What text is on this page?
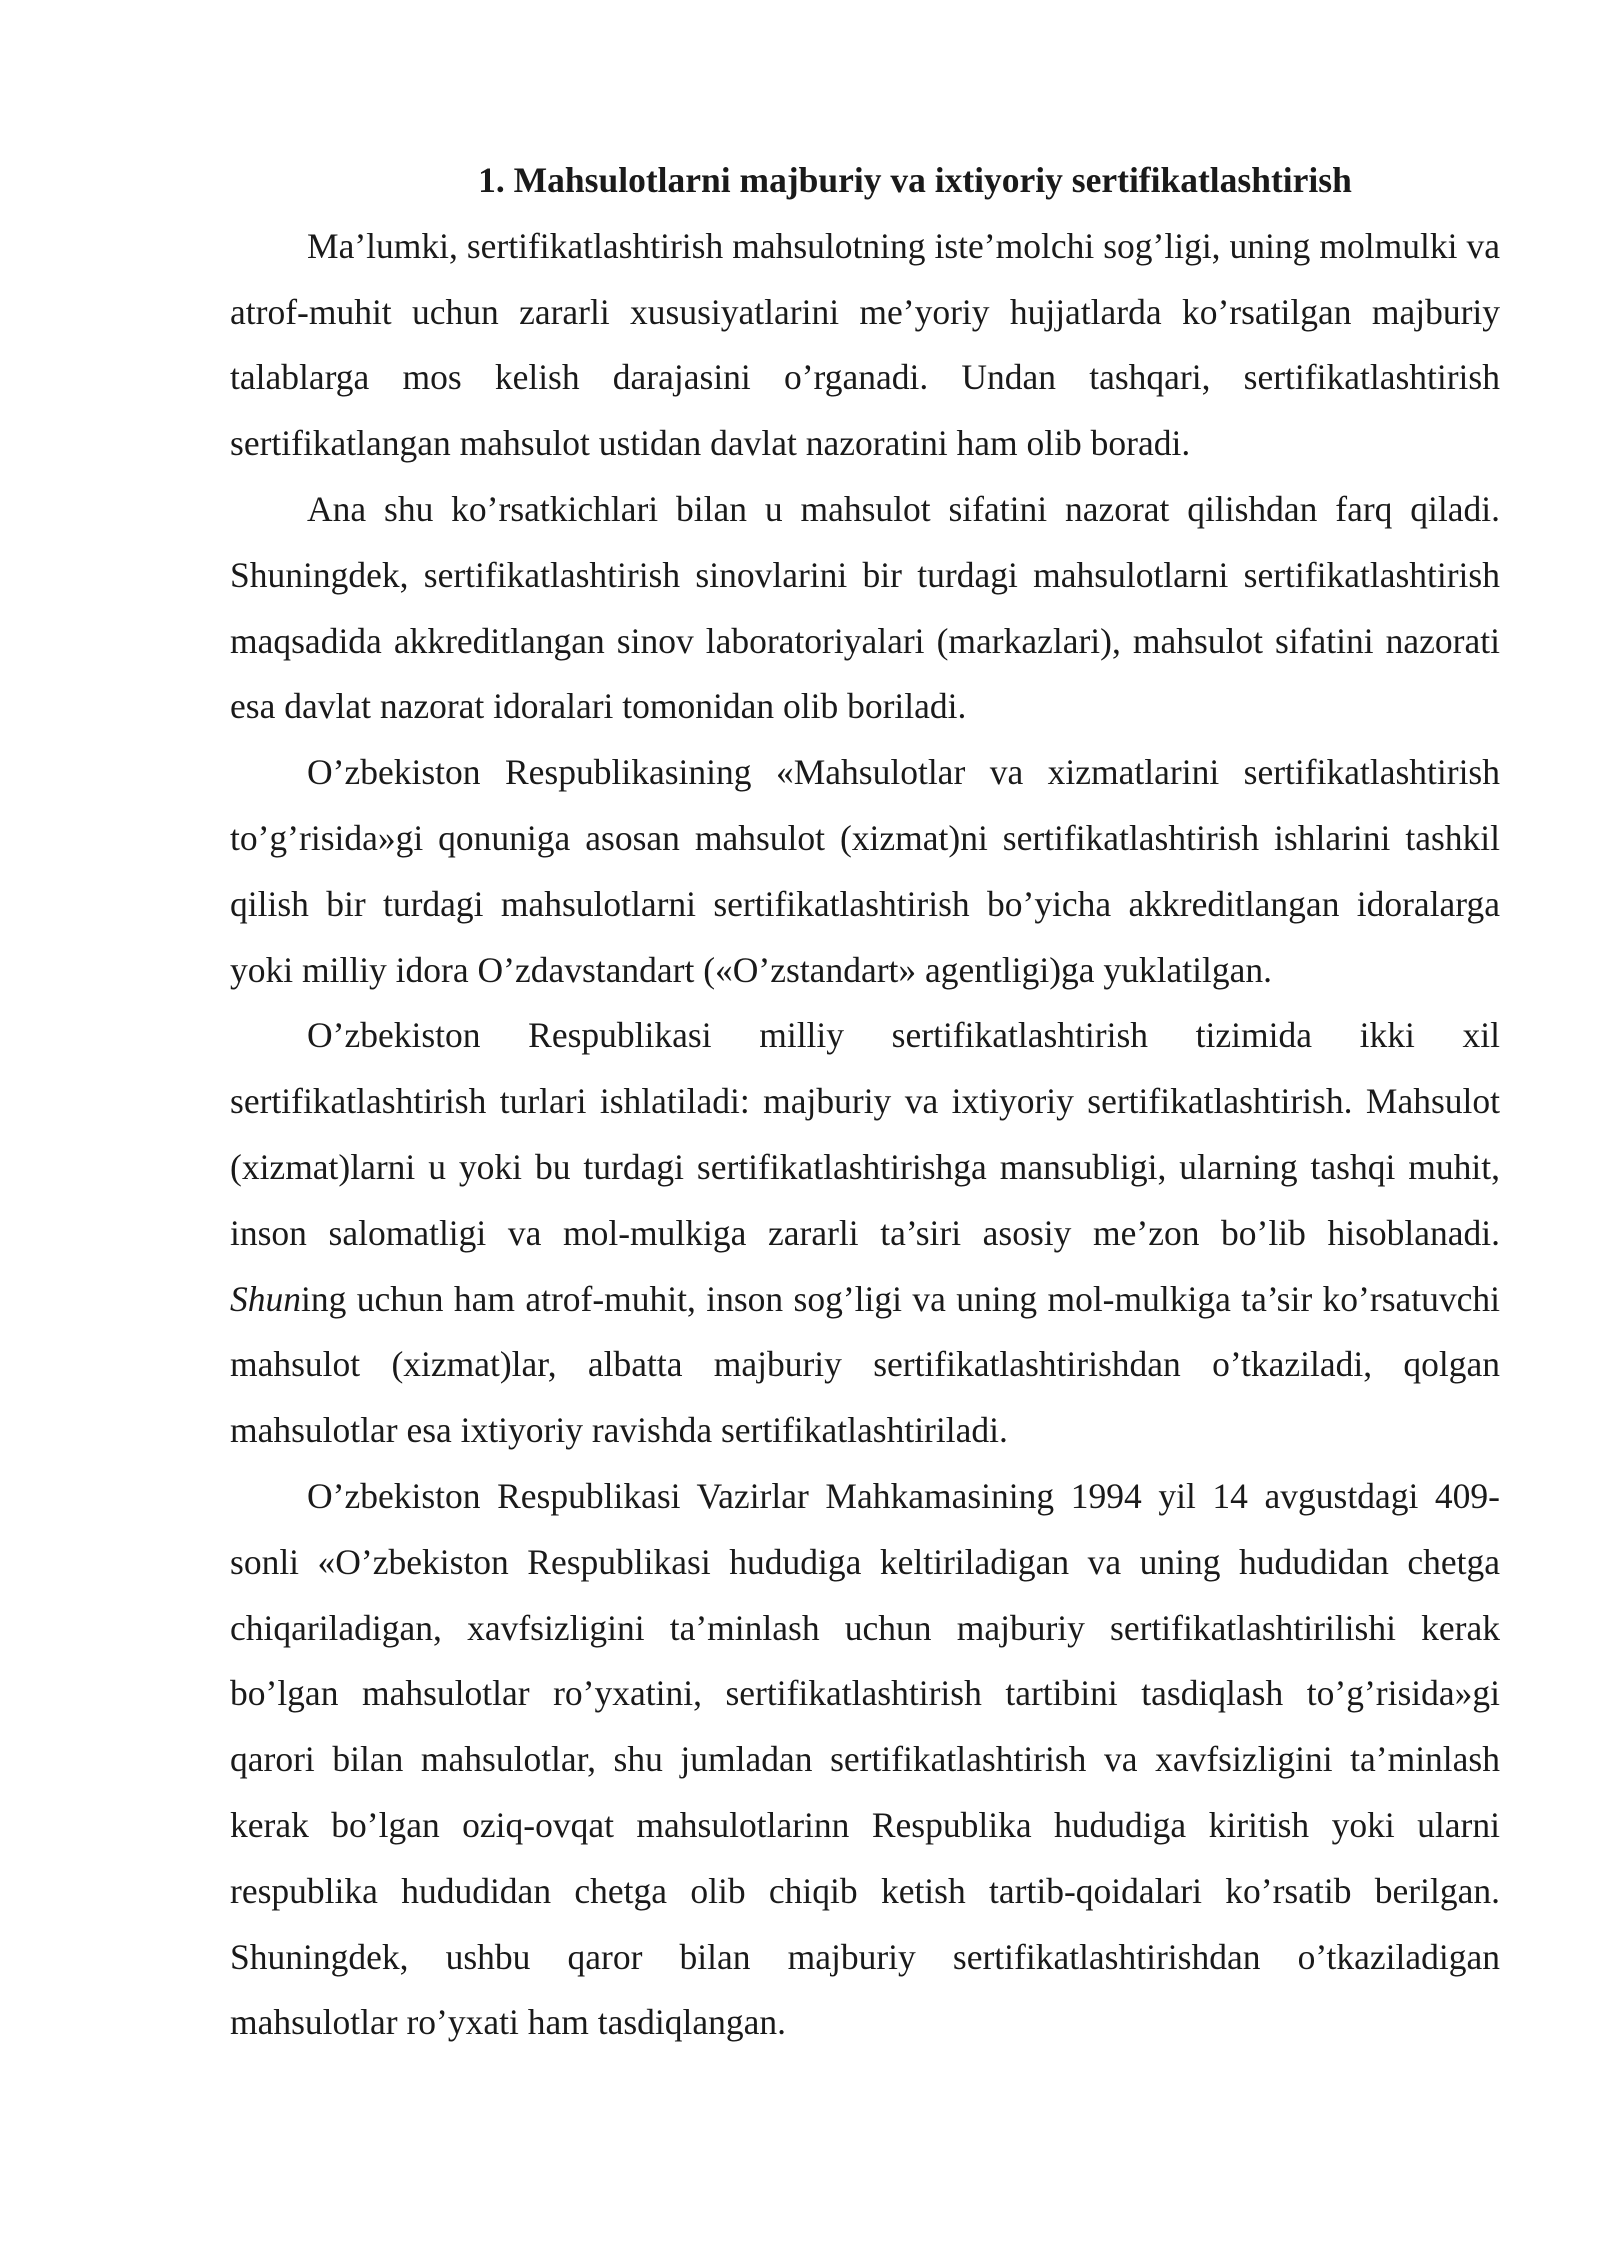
1. Mahsulotlarni majburiy va ixtiyoriy sertifikatlashtirish

Ma’lumki, sertifikatlashtirish mahsulotning iste’molchi sog’ligi, uning molmulki va atrof-muhit uchun zararli xususiyatlarini me’yoriy hujjatlarda ko’rsatilgan majburiy talablarga mos kelish darajasini o’rganadi. Undan tashqari, sertifikatlashtirish sertifikatlangan mahsulot ustidan davlat nazoratini ham olib boradi.

Ana shu ko’rsatkichlari bilan u mahsulot sifatini nazorat qilishdan farq qiladi. Shuningdek, sertifikatlashtirish sinovlarini bir turdagi mahsulotlarni sertifikatlashtirish maqsadida akkreditlangan sinov laboratoriyalari (markazlari), mahsulot sifatini nazorati esa davlat nazorat idoralari tomonidan olib boriladi.

O’zbekiston Respublikasining «Mahsulotlar va xizmatlarini sertifikatlashtirish to’g’risida»gi qonuniga asosan mahsulot (xizmat)ni sertifikatlashtirish ishlarini tashkil qilish bir turdagi mahsulotlarni sertifikatlashtirish bo’yicha akkreditlangan idoralarga yoki milliy idora O’zdavstandart («O’zstandart» agentligi)ga yuklatilgan.

O’zbekiston Respublikasi milliy sertifikatlashtirish tizimida ikki xil sertifikatlashtirish turlari ishlatiladi: majburiy va ixtiyoriy sertifikatlashtirish. Mahsulot (xizmat)larni u yoki bu turdagi sertifikatlashtirishga mansubligi, ularning tashqi muhit, inson salomatligi va mol-mulkiga zararli ta’siri asosiy me’zon bo’lib hisoblanadi. Shuning uchun ham atrof-muhit, inson sog’ligi va uning mol-mulkiga ta’sir ko’rsatuvchi mahsulot (xizmat)lar, albatta majburiy sertifikatlashtirishdan o’tkaziladi, qolgan mahsulotlar esa ixtiyoriy ravishda sertifikatlashtiriladi.

O’zbekiston Respublikasi Vazirlar Mahkamasining 1994 yil 14 avgustdagi 409-sonli «O’zbekiston Respublikasi hududiga keltiriladigan va uning hududidan chetga chiqariladigan, xavfsizligini ta’minlash uchun majburiy sertifikatlashtirilishi kerak bo’lgan mahsulotlar ro’yxatini, sertifikatlashtirish tartibini tasdiqlash to’g’risida»gi qarori bilan mahsulotlar, shu jumladan sertifikatlashtirish va xavfsizligini ta’minlash kerak bo’lgan oziq-ovqat mahsulotlarinn Respublika hududiga kiritish yoki ularni respublika hududidan chetga olib chiqib ketish tartib-qoidalari ko’rsatib berilgan. Shuningdek, ushbu qaror bilan majburiy sertifikatlashtirishdan o’tkaziladigan mahsulotlar ro’yxati ham tasdiqlangan.
